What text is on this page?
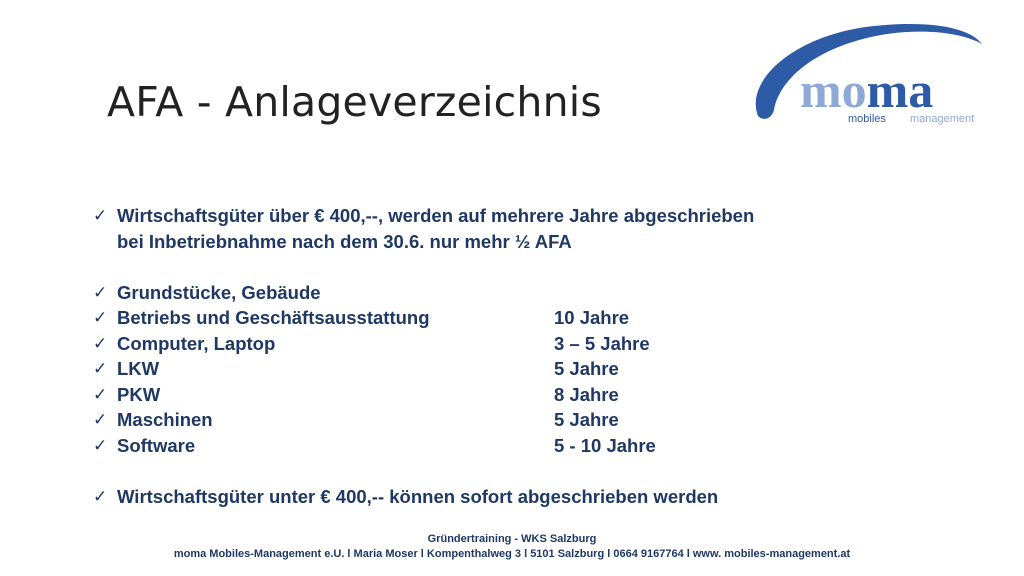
AFA - Anlageverzeichnis	moma
mobiles management
✓ Wirtschaftsgüter über € 400,--, werden auf mehrere Jahre abgeschrieben
bei Inbetriebnahme nach dem 30.6. nur mehr ½ AFA
✓ Grundstücke, Gebäude
✓ Betriebs und Geschäftsausstattung	10 Jahre
✓ Computer, Laptop	3 – 5 Jahre
✓ LKW	5 Jahre
✓ PKW	8 Jahre
✓ Maschinen	5 Jahre
✓ Software	5 - 10 Jahre
✓ Wirtschaftsgüter unter € 400,-- können sofort abgeschrieben werden
Gründertraining - WKS Salzburg
moma Mobiles-Management e.U. l Maria Moser l Kompenthalweg 3 l 5101 Salzburg l 0664 9167764 l www. mobiles-management.at
